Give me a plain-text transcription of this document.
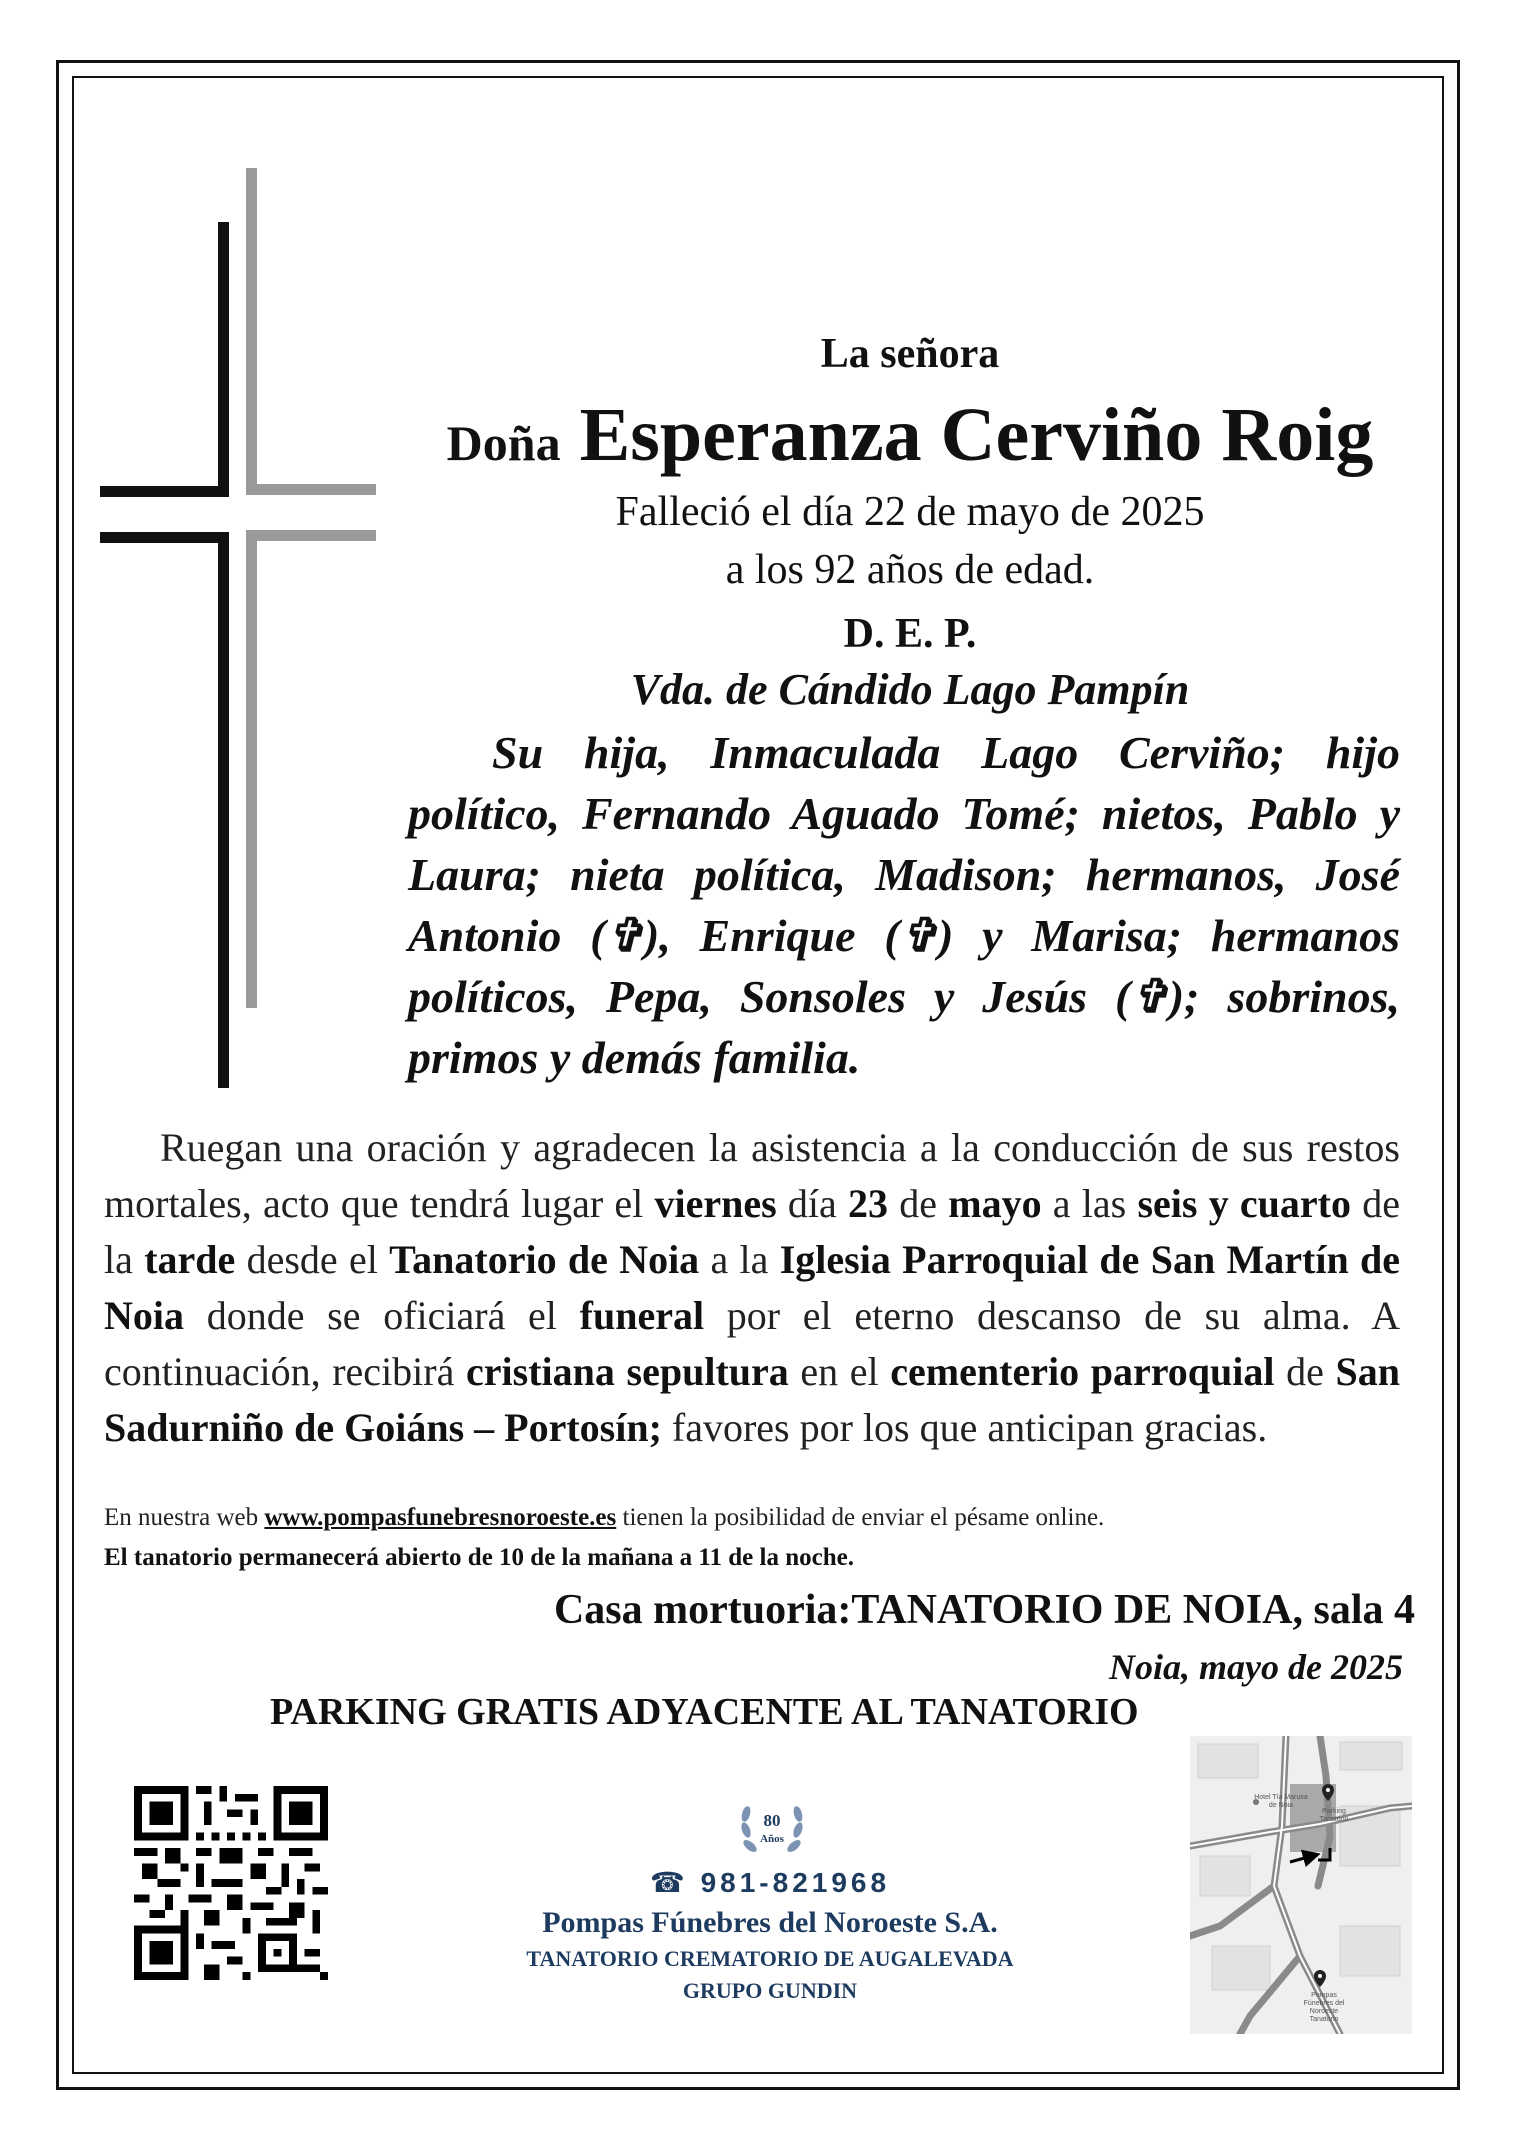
La señora
Doña Esperanza Cerviño Roig
Falleció el día 22 de mayo de 2025
a los 92 años de edad.
D. E. P.
Vda. de Cándido Lago Pampín
Su hija, Inmaculada Lago Cerviño; hijo político, Fernando Aguado Tomé; nietos, Pablo y Laura; nieta política, Madison; hermanos, José Antonio (✞), Enrique (✞) y Marisa; hermanos políticos, Pepa, Sonsoles y Jesús (✞); sobrinos, primos y demás familia.
Ruegan una oración y agradecen la asistencia a la conducción de sus restos mortales, acto que tendrá lugar el viernes día 23 de mayo a las seis y cuarto de la tarde desde el Tanatorio de Noia a la Iglesia Parroquial de San Martín de Noia donde se oficiará el funeral por el eterno descanso de su alma. A continuación, recibirá cristiana sepultura en el cementerio parroquial de San Sadurniño de Goiáns – Portosín; favores por los que anticipan gracias.
En nuestra web www.pompasfunebresnoroeste.es tienen la posibilidad de enviar el pésame online.
El tanatorio permanecerá abierto de 10 de la mañana a 11 de la noche.
Casa mortuoria:TANATORIO DE NOIA, sala 4
Noia, mayo de 2025
PARKING GRATIS ADYACENTE AL TANATORIO
80
Años
☎ 981-821968
Pompas Fúnebres del Noroeste S.A.
TANATORIO CREMATORIO DE AUGALEVADA
GRUPO GUNDIN
Hotel Tía Maruxa de Noia
Parking Tanatorio
Pompas Fúnebres del Noroeste Tanatorio
